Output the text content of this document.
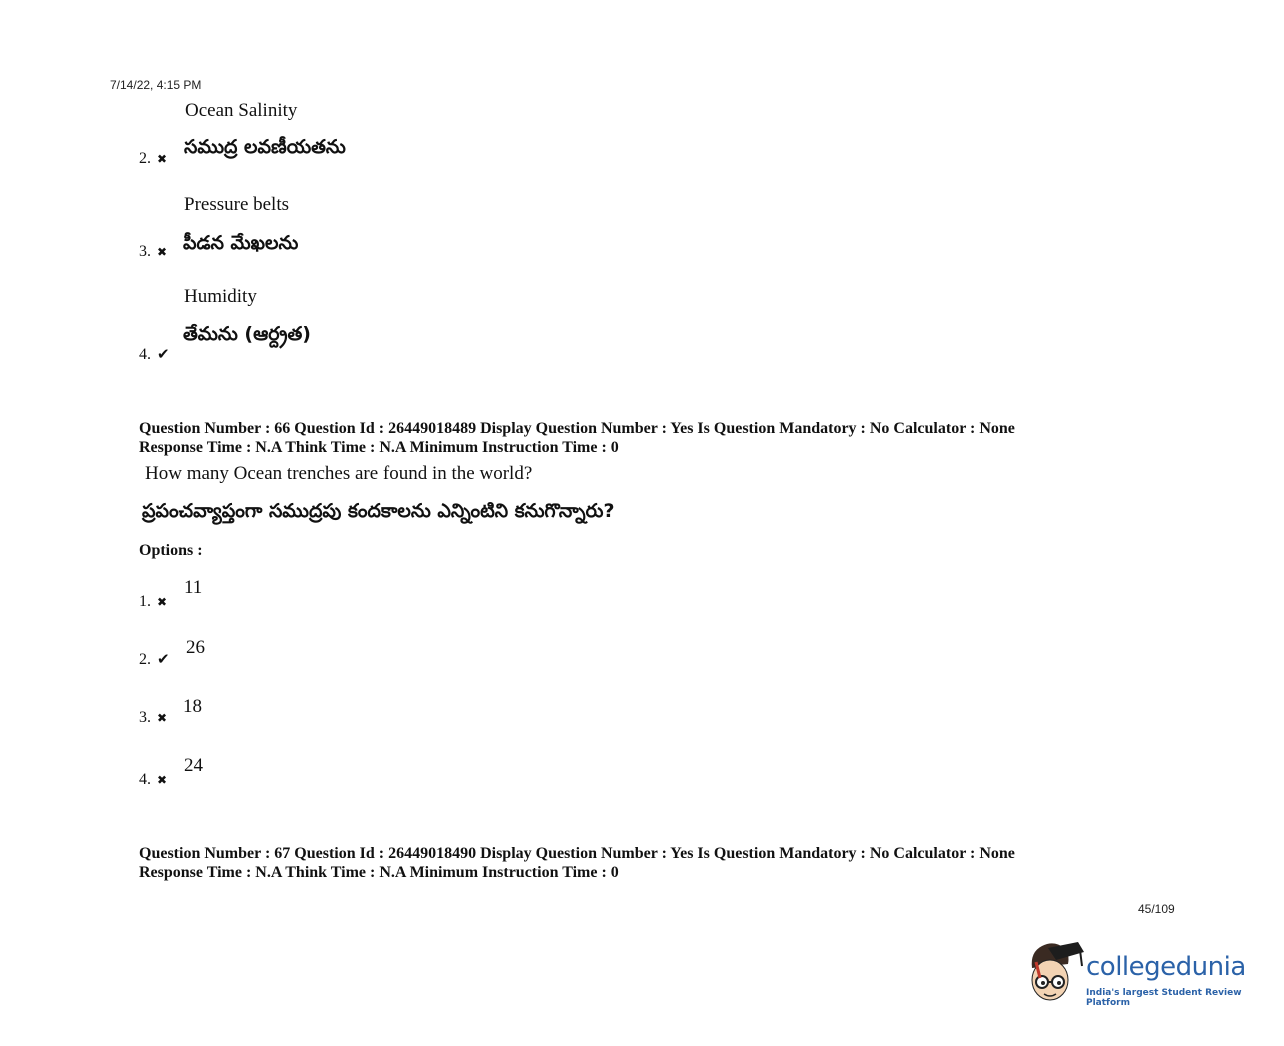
7/14/22, 4:15 PM
Ocean Salinity
2. ✖
సముద్ర లవణీయతను
Pressure belts
3. ✖ పీడన మేఖలను
Humidity
4. ✔
తేమను (ఆర్ద్రత)
Question Number : 66 Question Id : 26449018489 Display Question Number : Yes Is Question Mandatory : No Calculator : None
Response Time : N.A Think Time : N.A Minimum Instruction Time : 0
How many Ocean trenches are found in the world?
ప్రపంచవ్యాప్తంగా సముద్రపు కందకాలను ఎన్నింటిని కనుగొన్నారు?
Options :
1. ✖
11
2. ✔
26
3. ✖
18
4. ✖
24
Question Number : 67 Question Id : 26449018490 Display Question Number : Yes Is Question Mandatory : No Calculator : None
Response Time : N.A Think Time : N.A Minimum Instruction Time : 0
45/109
collegedunia
India's largest Student Review Platform
